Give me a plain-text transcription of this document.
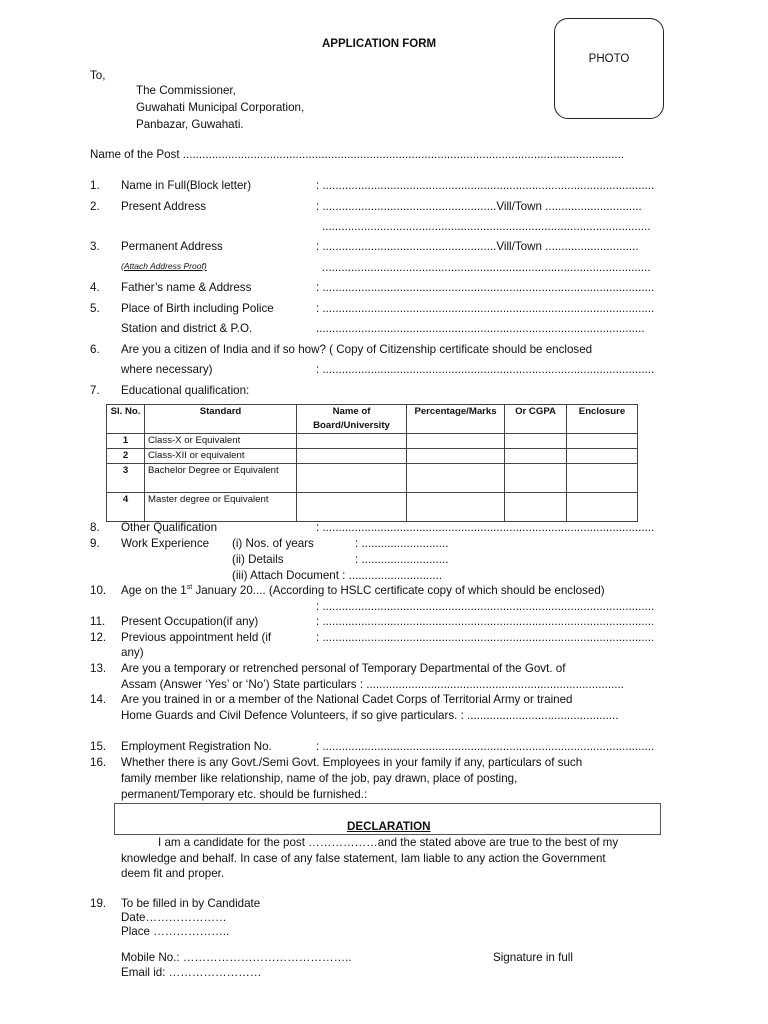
APPLICATION FORM
PHOTO
To,
The Commissioner,
Guwahati Municipal Corporation,
Panbazar, Guwahati.
Name of the Post .........................................................................................................................................
1. Name in Full(Block letter)	: .......................................................................................................
2. Present Address	: ......................................................Vill/Town ..............................
......................................................................................................
3. Permanent Address
(Attach Address Proof)
: ......................................................Vill/Town .............................
......................................................................................................
4. Father’s name & Address	: .......................................................................................................
5. Place of Birth including Police
Station and district & P.O.
: .......................................................................................................
......................................................................................................
6. Are you a citizen of India and if so how? ( Copy of Citizenship certificate should be enclosed
where necessary)	: .......................................................................................................
7. Educational qualification:
Sl. No.	Standard	Name of Board/University	Percentage/Marks	Or CGPA	Enclosure
1	Class-X or Equivalent				
2	Class-XII or equivalent				
3	Bachelor Degree or Equivalent				
4	Master degree or Equivalent				
8. Other Qualification	: .......................................................................................................
9. Work Experience (i) Nos. of years	: ...........................
(ii) Details	: ...........................
(iii) Attach Document : .............................
10. Age on the 1st January 20.... (According to HSLC certificate copy of which should be enclosed)
: .......................................................................................................
11. Present Occupation(if any)	: .......................................................................................................
12. Previous appointment held (if
any)
: .......................................................................................................
13. Are you a temporary or retrenched personal of Temporary Departmental of the Govt. of
Assam (Answer ‘Yes’ or ‘No’) State particulars : ................................................................................
14. Are you trained in or a member of the National Cadet Corps of Territorial Army or trained
Home Guards and Civil Defence Volunteers, if so give particulars. : ...............................................
15. Employment Registration No.	: .......................................................................................................
16. Whether there is any Govt./Semi Govt. Employees in your family if any, particulars of such
family member like relationship, name of the job, pay drawn, place of posting,
permanent/Temporary etc. should be furnished.:
DECLARATION
I am a candidate for the post ………………and the stated above are true to the best of my
knowledge and behalf. In case of any false statement, Iam liable to any action the Government
deem fit and proper.
19. To be filled in by Candidate
Date…………………
Place ………………..
Mobile No.: ……………………………………..
Email id: ……………………
Signature in full
